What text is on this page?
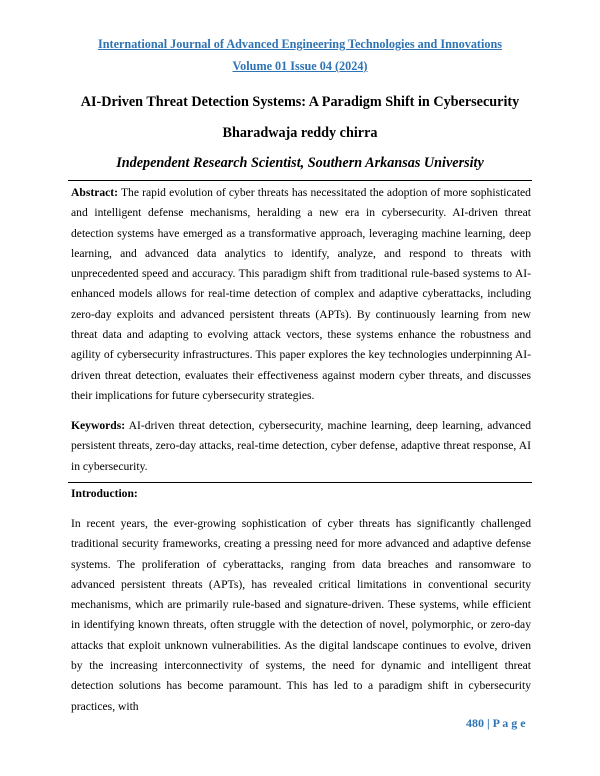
International Journal of Advanced Engineering Technologies and Innovations
Volume 01 Issue 04 (2024)
AI-Driven Threat Detection Systems: A Paradigm Shift in Cybersecurity
Bharadwaja reddy chirra
Independent Research Scientist, Southern Arkansas University

Abstract: The rapid evolution of cyber threats has necessitated the adoption of more sophisticated and intelligent defense mechanisms, heralding a new era in cybersecurity. AI-driven threat detection systems have emerged as a transformative approach, leveraging machine learning, deep learning, and advanced data analytics to identify, analyze, and respond to threats with unprecedented speed and accuracy. This paradigm shift from traditional rule-based systems to AI-enhanced models allows for real-time detection of complex and adaptive cyberattacks, including zero-day exploits and advanced persistent threats (APTs). By continuously learning from new threat data and adapting to evolving attack vectors, these systems enhance the robustness and agility of cybersecurity infrastructures. This paper explores the key technologies underpinning AI-driven threat detection, evaluates their effectiveness against modern cyber threats, and discusses their implications for future cybersecurity strategies.

Keywords: AI-driven threat detection, cybersecurity, machine learning, deep learning, advanced persistent threats, zero-day attacks, real-time detection, cyber defense, adaptive threat response, AI in cybersecurity.

Introduction:

In recent years, the ever-growing sophistication of cyber threats has significantly challenged traditional security frameworks, creating a pressing need for more advanced and adaptive defense systems. The proliferation of cyberattacks, ranging from data breaches and ransomware to advanced persistent threats (APTs), has revealed critical limitations in conventional security mechanisms, which are primarily rule-based and signature-driven. These systems, while efficient in identifying known threats, often struggle with the detection of novel, polymorphic, or zero-day attacks that exploit unknown vulnerabilities. As the digital landscape continues to evolve, driven by the increasing interconnectivity of systems, the need for dynamic and intelligent threat detection solutions has become paramount. This has led to a paradigm shift in cybersecurity practices, with

480 | P a g e
